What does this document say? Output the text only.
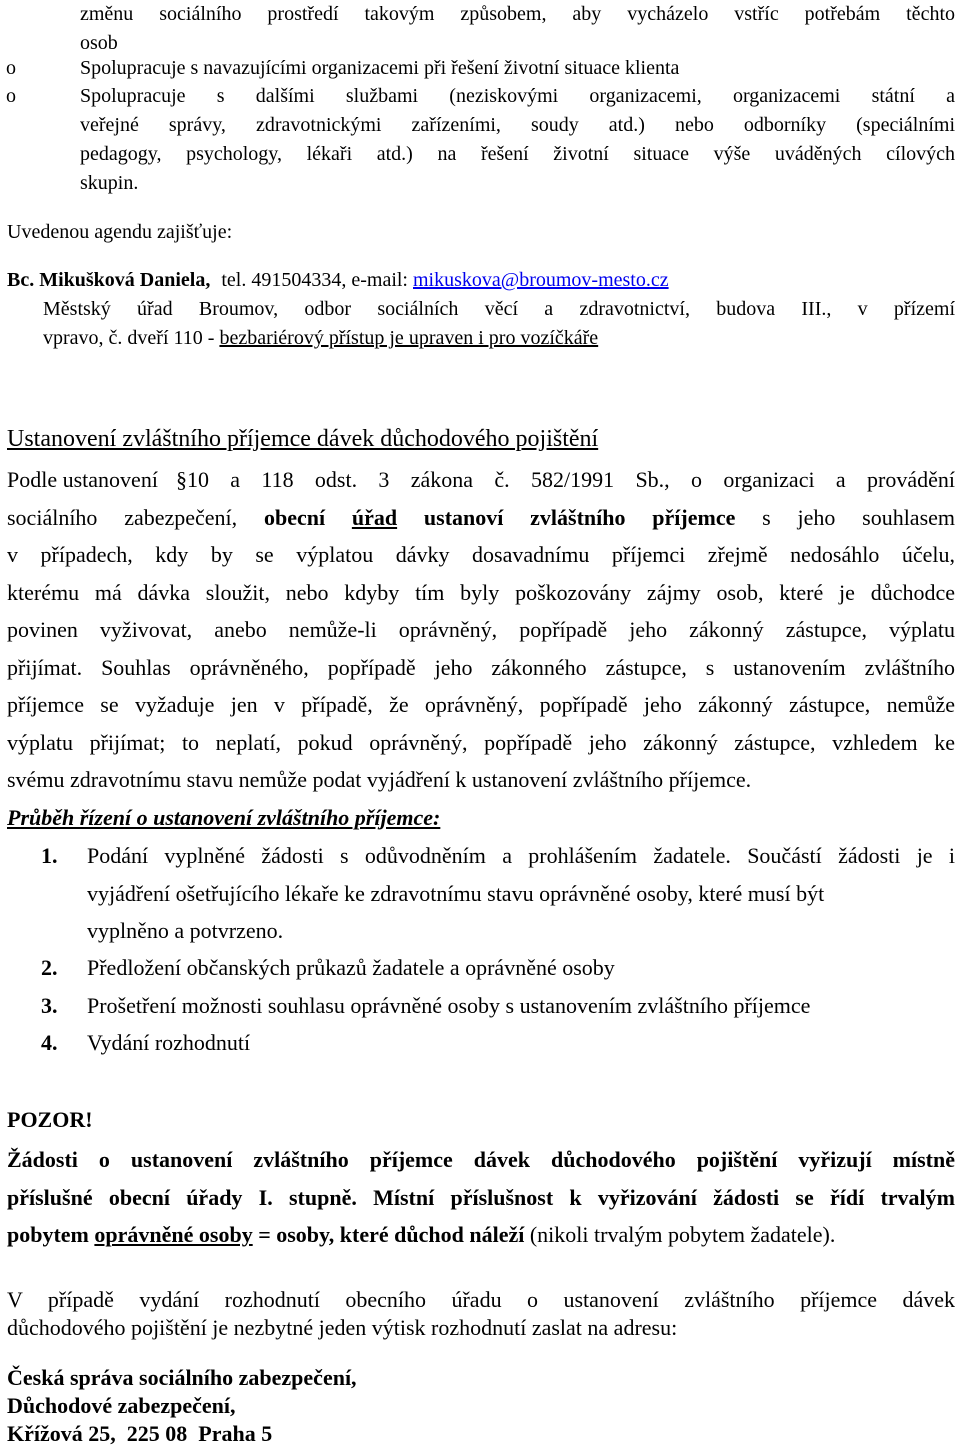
změnu sociálního prostředí takovým způsobem, aby vycházelo vstříc potřebám těchto
osob
o	Spolupracuje s navazujícími organizacemi při řešení životní situace klienta
o	Spolupracuje s dalšími službami (neziskovými organizacemi, organizacemi státní a
veřejné správy, zdravotnickými zařízeními, soudy atd.) nebo odborníky (speciálními
pedagogy, psychology, lékaři atd.) na řešení životní situace výše uváděných cílových
skupin.
Uvedenou agendu zajišťuje:
Bc. Mikušková Daniela, tel. 491504334, e-mail: mikuskova@broumov-mesto.cz
Městský úřad Broumov, odbor sociálních věcí a zdravotnictví, budova III., v přízemí
vpravo, č. dveří 110 - bezbariérový přístup je upraven i pro vozíčkáře
Ustanovení zvláštního příjemce dávek důchodového pojištění
Podle ustanovení §10 a 118 odst. 3 zákona č. 582/1991 Sb., o organizaci a provádění
sociálního zabezpečení, obecní úřad ustanoví zvláštního příjemce s jeho souhlasem
v případech, kdy by se výplatou dávky dosavadnímu příjemci zřejmě nedosáhlo účelu,
kterému má dávka sloužit, nebo kdyby tím byly poškozovány zájmy osob, které je důchodce
povinen vyživovat, anebo nemůže-li oprávněný, popřípadě jeho zákonný zástupce, výplatu
přijímat. Souhlas oprávněného, popřípadě jeho zákonného zástupce, s ustanovením zvláštního
příjemce se vyžaduje jen v případě, že oprávněný, popřípadě jeho zákonný zástupce, nemůže
výplatu přijímat; to neplatí, pokud oprávněný, popřípadě jeho zákonný zástupce, vzhledem ke
svému zdravotnímu stavu nemůže podat vyjádření k ustanovení zvláštního příjemce.
Průběh řízení o ustanovení zvláštního příjemce:
1. Podání vyplněné žádosti s odůvodněním a prohlášením žadatele. Součástí žádosti je i
vyjádření ošetřujícího lékaře ke zdravotnímu stavu oprávněné osoby, které musí být
vyplněno a potvrzeno.
2. Předložení občanských průkazů žadatele a oprávněné osoby
3. Prošetření možnosti souhlasu oprávněné osoby s ustanovením zvláštního příjemce
4. Vydání rozhodnutí
POZOR!
Žádosti o ustanovení zvláštního příjemce dávek důchodového pojištění vyřizují místně
příslušné obecní úřady I. stupně. Místní příslušnost k vyřizování žádosti se řídí trvalým
pobytem oprávněné osoby = osoby, které důchod náleží (nikoli trvalým pobytem žadatele).
V případě vydání rozhodnutí obecního úřadu o ustanovení zvláštního příjemce dávek
důchodového pojištění je nezbytné jeden výtisk rozhodnutí zaslat na adresu:
Česká správa sociálního zabezpečení,
Důchodové zabezpečení,
Křížová 25,  225 08  Praha 5
